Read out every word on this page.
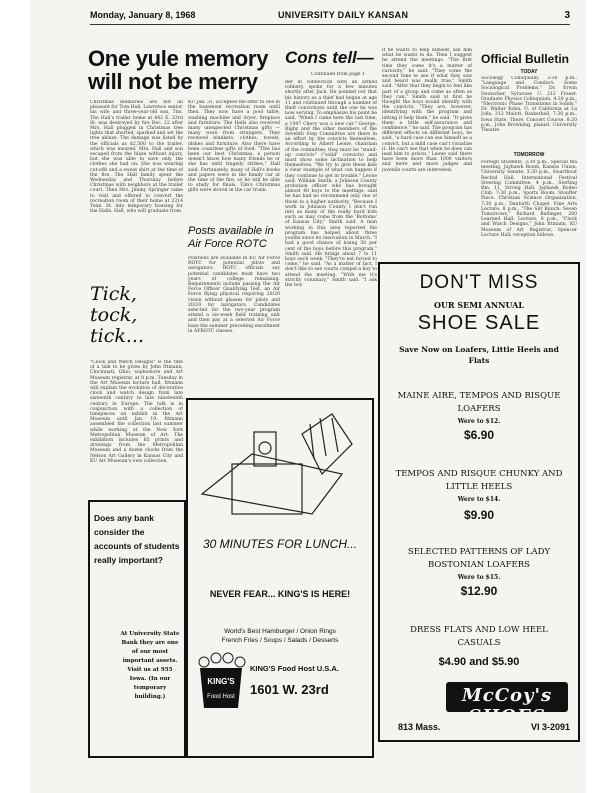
Monday, January 8, 1968	UNIVERSITY DAILY KANSAN	3
One yule memory will not be merry
Christmas memories are not all pleasant for Tom Hall, Lawrence senior, his wife and three-year-old son, Tim. The Hall's trailer home at 842 E. 23rd St. was destroyed by fire Dec. 22 after Mrs. Hall plugged in Christmas tree lights that shorted, sparked and set the tree ablaze. The damage was listed by the officials as $2,500 to the trailer, which was insured. Mrs. Hall and son escaped from the blaze without injury, but she was able to save only the clothes she had on. She was wearing cut-offs and a sweat shirt at the time of the fire. The Hall family spent the Wednesday and Thursday before Christmas with neighbors at the trailer court. Then Mrs. Jimmy Springer came to visit and offered to convert the recreation room of their home at 2314 Tenn. St. into temporary housing for the Halls. Hall, who will graduate from
KU Jan. 31, accepted the offer to live in the basement recreation room until then. They now have a pool table, washing machine and dryer, fireplace and furniture. The Halls also received many unexpected Christmas gifts — many were from strangers. They received blankets, clothes, towels, dishes and furniture. Also there have been countless gifts of food. "This has been our best Christmas, a person doesn't know how many friends he or she has until tragedy strikes," Hall said. Fortunately, many of Hall's books and papers were in the family car at the time of the fire, so he will be able to study for finals. Tim's Christmas gifts were stored in the car trunk.
Tick, tock, tick...
"Clock and Watch Designs" is the title of a talk to be given by John Ittmann, Cincinnati, Ohio, sophomore and Art Museum registrar, at 8 p.m. Tuesday in the Art Museum lecture hall. Ittmann will explain the evolution of decorative clock and watch design from late sixteenth century to late nineteenth century in Europe. The talk is in conjunction with a collection of timepieces on exhibit in the Art Museum until Jan. 19. Ittmann assembled the collection last summer while working at the New York Metropolitan Museum of Art. The exhibition includes 65 prints and drawings from the Metropolitan Museum and a dozen clocks from the Nelson Art Gallery in Kansas City and KU Art Museum's own collection.
Does any bank consider the accounts of students really important?
At University State Bank they are one of our most important assets. Visit us at 955 Iowa. (In our temporary building.)
Posts available in Air Force ROTC
Positions are available in KU Air Force ROTC for potential pilots and navigators. ROTC officials say potential candidates must have two years of college remaining. Requirements include passing the Air Force Officer Qualifying Test, an Air Force flying physical requiring 20/20 vision without glasses for pilots and 20/20 for navigators. Candidates selected for the two-year program attend a six-week field training unit and then pay at a selected Air Force base the summer preceding enrollment in AFROTC classes.
Cons tell—
Continued from page 1
der in connection with an armed robbery, spoke for a few minutes shortly after Jack. He pointed out that his history as a thief had begun at age 11 and continued through a number of theft convictions until the one he was now serving. To emphasize his point he said, "When I came here the last time, a 1947 Chevy was a new car." George, Rigby and the other members of the Seventh Step Committee are there in an effort by the convicts themselves. According to Albert Leone, chairman of the committee, they must be "stand-up convicts" ("solid" convicts) and must show some inclination to help themselves. "We try to give these kids a clear example of what can happen if they continue to get in trouble," Leone said. William Smith, a Johnson County probation officer who has brought almost 40 boys to the meetings, said he has had no recommend only one of those to a higher authority. "Because I work in Johnson County I don't run into as many of the really hard kids such as may come from the 'Bottoms' of Kansas City," Smith said. A man working in this area reported the program has helped about three youths since its innovation in March. "I had a good chance of losing 50 per cent of the boys before this program," Smith said. He brings about 7 to 11 boys each week. "They're not forced to come," he said. "As a matter of fact, I don't like to see courts compel a boy to attend the meeting. "With me it's strictly voluntary," Smith said. "I ask the boy
if he wants to help himself, ask him what he wants to do. Then I suggest he attend the meetings. "The first time they come it's a matter of curiosity," he said. "They come the second time to see if what they saw and heard was really true," Smith said. "After that they begin to feel like part of a group and come as often as they can." Smith said at first he thought the boys would identify with the convicts. "They are, however, identifying with the program and letting it help them," he said. "It gives them a little self-assurance and confidence," he said. The program has different effects on different boys, he said, "a hard case can see himself as a convict, but a mild case can't visualize it. He can't see that when he does can lead him to prison." Leone said there have been more than 1000 visitors and more and more judges and juvenile courts are interested.
30 MINUTES FOR LUNCH...
NEVER FEAR... KING'S IS HERE!
World's Best Hamburger / Onion Rings
French Fries / Soups / Salads / Desserts
KING'S
Food Host
KING'S Food Host U.S.A.
1601 W. 23rd
Official Bulletin
TODAY
Sociology Colloquium, 3:30 p.m., "Language and Conduct: Some Sociological Problems," Dr. Erwin Deutscher, Syracuse U. 212 Fraser. Graduate Physics Colloquium, 4:30 p.m., "Electronic Phase Transitions in Solids," Dr. Walter Kohn, U. of California at La Jolla, 312 Malott. Basketball, 7:30 p.m., Iowa State, There. Concert Course, 8:20 p.m., John Browning, pianist, University Theatre.
TOMORROW
Foreign Students, 3:30 p.m., Special tea meeting, Jayhawk Room, Kansas Union. University Senate, 3:30 p.m., Swarthout Recital Hall. International Festival Steering Committee, 4 p.m., Sterling Rm. 11, Strong Hall. Jayhawk Rodeo Club, 7:30 p.m., Sports Room, Stouffer Place. Christian Science Organization, 7:30 p.m., Danforth Chapel. Fine Arts Lecture, 8 p.m., "The Silt Bunch: Seven Tomorrows," Richard Ballinger, 200 Learned Hall. Lecture, 8 p.m., "Clock and Watch Designs," John Ittmann, KU Museum of Art Registrar, Spencer Lecture Hall, reception follows.
DON'T MISS
OUR SEMI ANNUAL
SHOE SALE
Save Now on Loafers, Little Heels and Flats
MAINE AIRE, TEMPOS AND RISQUE LOAFERS
Were to $12.
$6.90
TEMPOS AND RISQUE CHUNKY AND LITTLE HEELS
Were to $14.
$9.90
SELECTED PATTERNS OF LADY BOSTONIAN LOAFERS
Were to $15.
$12.90
DRESS FLATS AND LOW HEEL CASUALS
$4.90 and $5.90
McCoy's SHOES
813 Mass.	VI 3-2091
